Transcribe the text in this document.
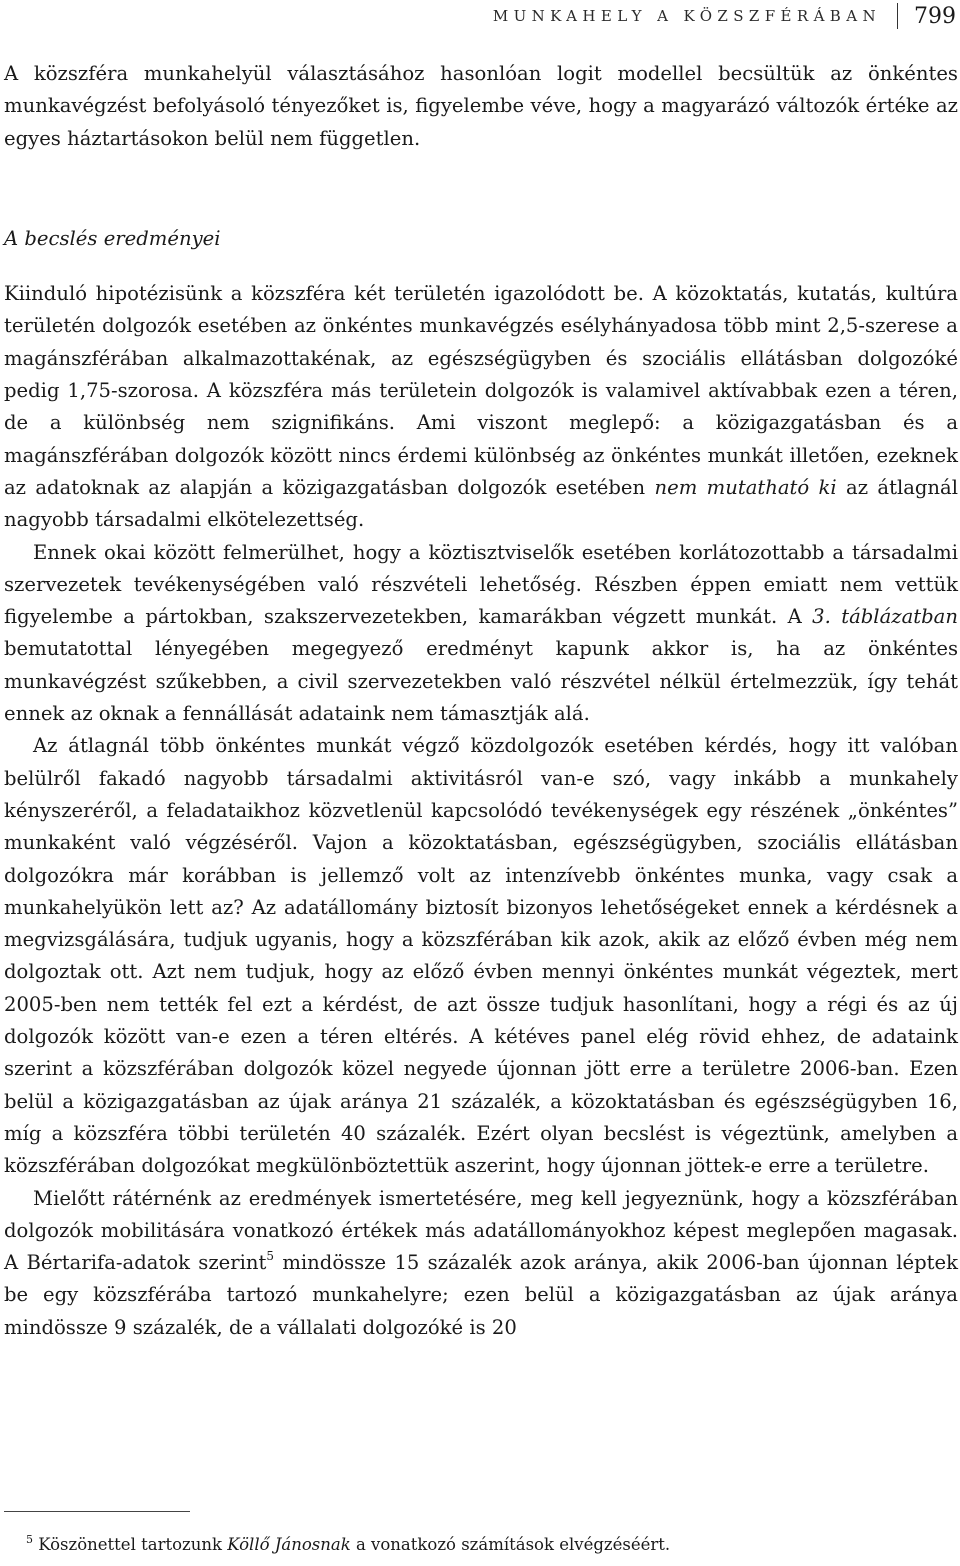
MUNKAHELY A KÖZSZFÉRÁBAN	799

A közszféra munkahelyül választásához hasonlóan logit modellel becsültük az önkéntes munkavégzést befolyásoló tényezőket is, figyelembe véve, hogy a magyarázó változók értéke az egyes háztartásokon belül nem független.

A becslés eredményei

Kiinduló hipotézisünk a közszféra két területén igazolódott be. A közoktatás, kutatás, kultúra területén dolgozók esetében az önkéntes munkavégzés esélyhányadosa több mint 2,5-szerese a magánszférában alkalmazottakénak, az egészségügyben és szociális ellátásban dolgozóké pedig 1,75-szorosa. A közszféra más területein dolgozók is valamivel aktívabbak ezen a téren, de a különbség nem szignifikáns. Ami viszont meglepő: a közigazgatásban és a magánszférában dolgozók között nincs érdemi különbség az önkéntes munkát illetően, ezeknek az adatoknak az alapján a közigazgatásban dolgozók esetében nem mutatható ki az átlagnál nagyobb társadalmi elkötelezettség.

Ennek okai között felmerülhet, hogy a köztisztviselők esetében korlátozottabb a társadalmi szervezetek tevékenységében való részvételi lehetőség. Részben éppen emiatt nem vettük figyelembe a pártokban, szakszervezetekben, kamarákban végzett munkát. A 3. táblázatban bemutatottal lényegében megegyező eredményt kapunk akkor is, ha az önkéntes munkavégzést szűkebben, a civil szervezetekben való részvétel nélkül értelmezzük, így tehát ennek az oknak a fennállását adataink nem támasztják alá.

Az átlagnál több önkéntes munkát végző közdolgozók esetében kérdés, hogy itt valóban belülről fakadó nagyobb társadalmi aktivitásról van-e szó, vagy inkább a munkahely kényszeréről, a feladataikhoz közvetlenül kapcsolódó tevékenységek egy részének „önkéntes” munkaként való végzéséről. Vajon a közoktatásban, egészségügyben, szociális ellátásban dolgozókra már korábban is jellemző volt az intenzívebb önkéntes munka, vagy csak a munkahelyükön lett az? Az adatállomány biztosít bizonyos lehetőségeket ennek a kérdésnek a megvizsgálására, tudjuk ugyanis, hogy a közszférában kik azok, akik az előző évben még nem dolgoztak ott. Azt nem tudjuk, hogy az előző évben mennyi önkéntes munkát végeztek, mert 2005-ben nem tették fel ezt a kérdést, de azt össze tudjuk hasonlítani, hogy a régi és az új dolgozók között van-e ezen a téren eltérés. A kétéves panel elég rövid ehhez, de adataink szerint a közszférában dolgozók közel negyede újonnan jött erre a területre 2006-ban. Ezen belül a közigazgatásban az újak aránya 21 százalék, a közoktatásban és egészségügyben 16, míg a közszféra többi területén 40 százalék. Ezért olyan becslést is végeztünk, amelyben a közszférában dolgozókat megkülönböztettük aszerint, hogy újonnan jöttek-e erre a területre.

Mielőtt rátérnénk az eredmények ismertetésére, meg kell jegyeznünk, hogy a közszférában dolgozók mobilitására vonatkozó értékek más adatállományokhoz képest meglepően magasak. A Bértarifa-adatok szerint$^5$ mindössze 15 százalék azok aránya, akik 2006-ban újonnan léptek be egy közszférába tartozó munkahelyre; ezen belül a közigazgatásban az újak aránya mindössze 9 százalék, de a vállalati dolgozóké is 20

$^5$ Köszönettel tartozunk Köllő Jánosnak a vonatkozó számítások elvégzéséért.
